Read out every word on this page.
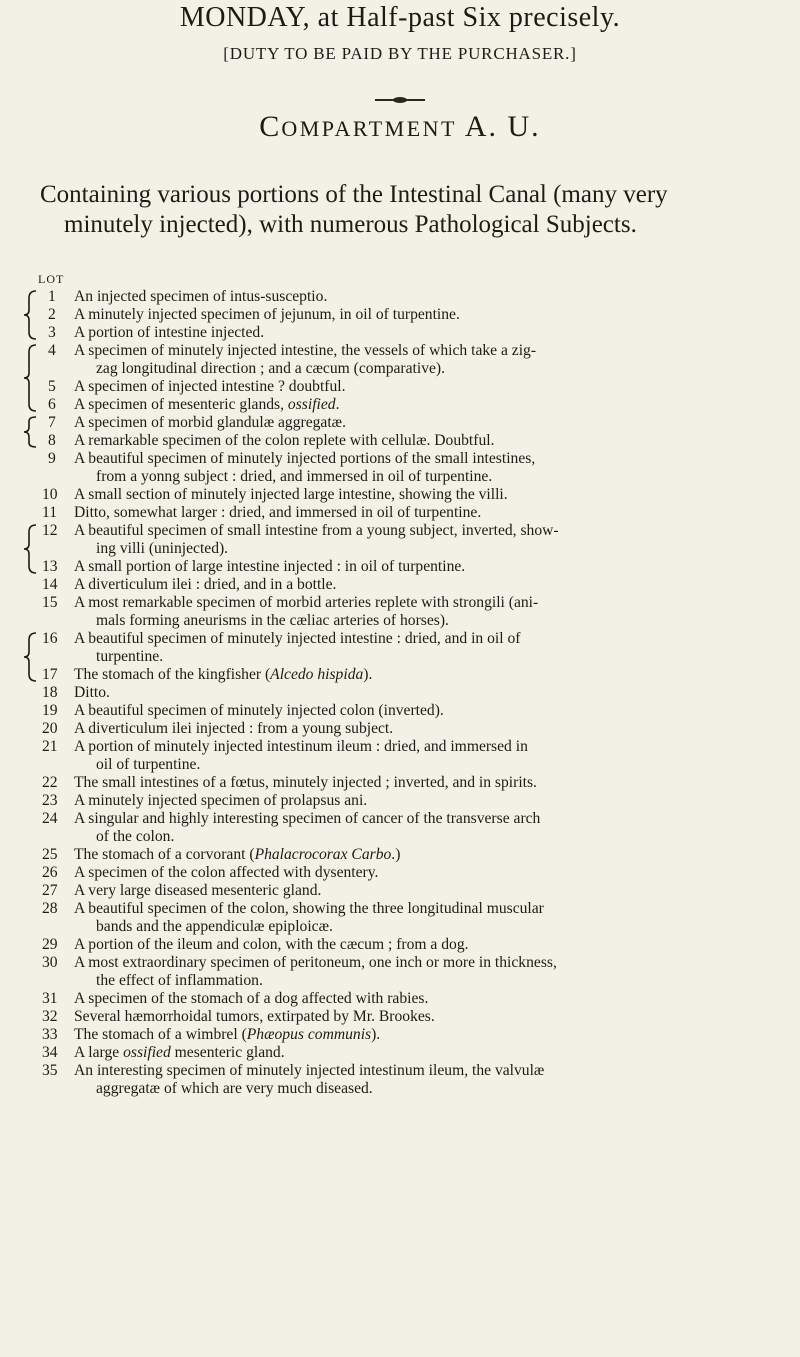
MONDAY, at Half-past Six precisely.
[DUTY TO BE PAID BY THE PURCHASER.]
COMPARTMENT A. U.
Containing various portions of the Intestinal Canal (many very
minutely injected), with numerous Pathological Subjects.
LOT
1	An injected specimen of intus-susceptio.
2	A minutely injected specimen of jejunum, in oil of turpentine.
3	A portion of intestine injected.
4	A specimen of minutely injected intestine, the vessels of which take a zig-
zag longitudinal direction ; and a cæcum (comparative).
5	A specimen of injected intestine ? doubtful.
6	A specimen of mesenteric glands, ossified.
7	A specimen of morbid glandulæ aggregatæ.
8	A remarkable specimen of the colon replete with cellulæ. Doubtful.
9	A beautiful specimen of minutely injected portions of the small intestines,
from a yonng subject : dried, and immersed in oil of turpentine.
10	A small section of minutely injected large intestine, showing the villi.
11	Ditto, somewhat larger : dried, and immersed in oil of turpentine.
12	A beautiful specimen of small intestine from a young subject, inverted, show-
ing villi (uninjected).
13	A small portion of large intestine injected : in oil of turpentine.
14	A diverticulum ilei : dried, and in a bottle.
15	A most remarkable specimen of morbid arteries replete with strongili (ani-
mals forming aneurisms in the cæliac arteries of horses).
16	A beautiful specimen of minutely injected intestine : dried, and in oil of
turpentine.
17	The stomach of the kingfisher (Alcedo hispida).
18	Ditto.
19	A beautiful specimen of minutely injected colon (inverted).
20	A diverticulum ilei injected : from a young subject.
21	A portion of minutely injected intestinum ileum : dried, and immersed in
oil of turpentine.
22	The small intestines of a fœtus, minutely injected ; inverted, and in spirits.
23	A minutely injected specimen of prolapsus ani.
24	A singular and highly interesting specimen of cancer of the transverse arch
of the colon.
25	The stomach of a corvorant (Phalacrocorax Carbo.)
26	A specimen of the colon affected with dysentery.
27	A very large diseased mesenteric gland.
28	A beautiful specimen of the colon, showing the three longitudinal muscular
bands and the appendiculæ epiploicæ.
29	A portion of the ileum and colon, with the cæcum ; from a dog.
30	A most extraordinary specimen of peritoneum, one inch or more in thickness,
the effect of inflammation.
31	A specimen of the stomach of a dog affected with rabies.
32	Several hæmorrhoidal tumors, extirpated by Mr. Brookes.
33	The stomach of a wimbrel (Phæopus communis).
34	A large ossified mesenteric gland.
35	An interesting specimen of minutely injected intestinum ileum, the valvulæ
aggregatæ of which are very much diseased.
